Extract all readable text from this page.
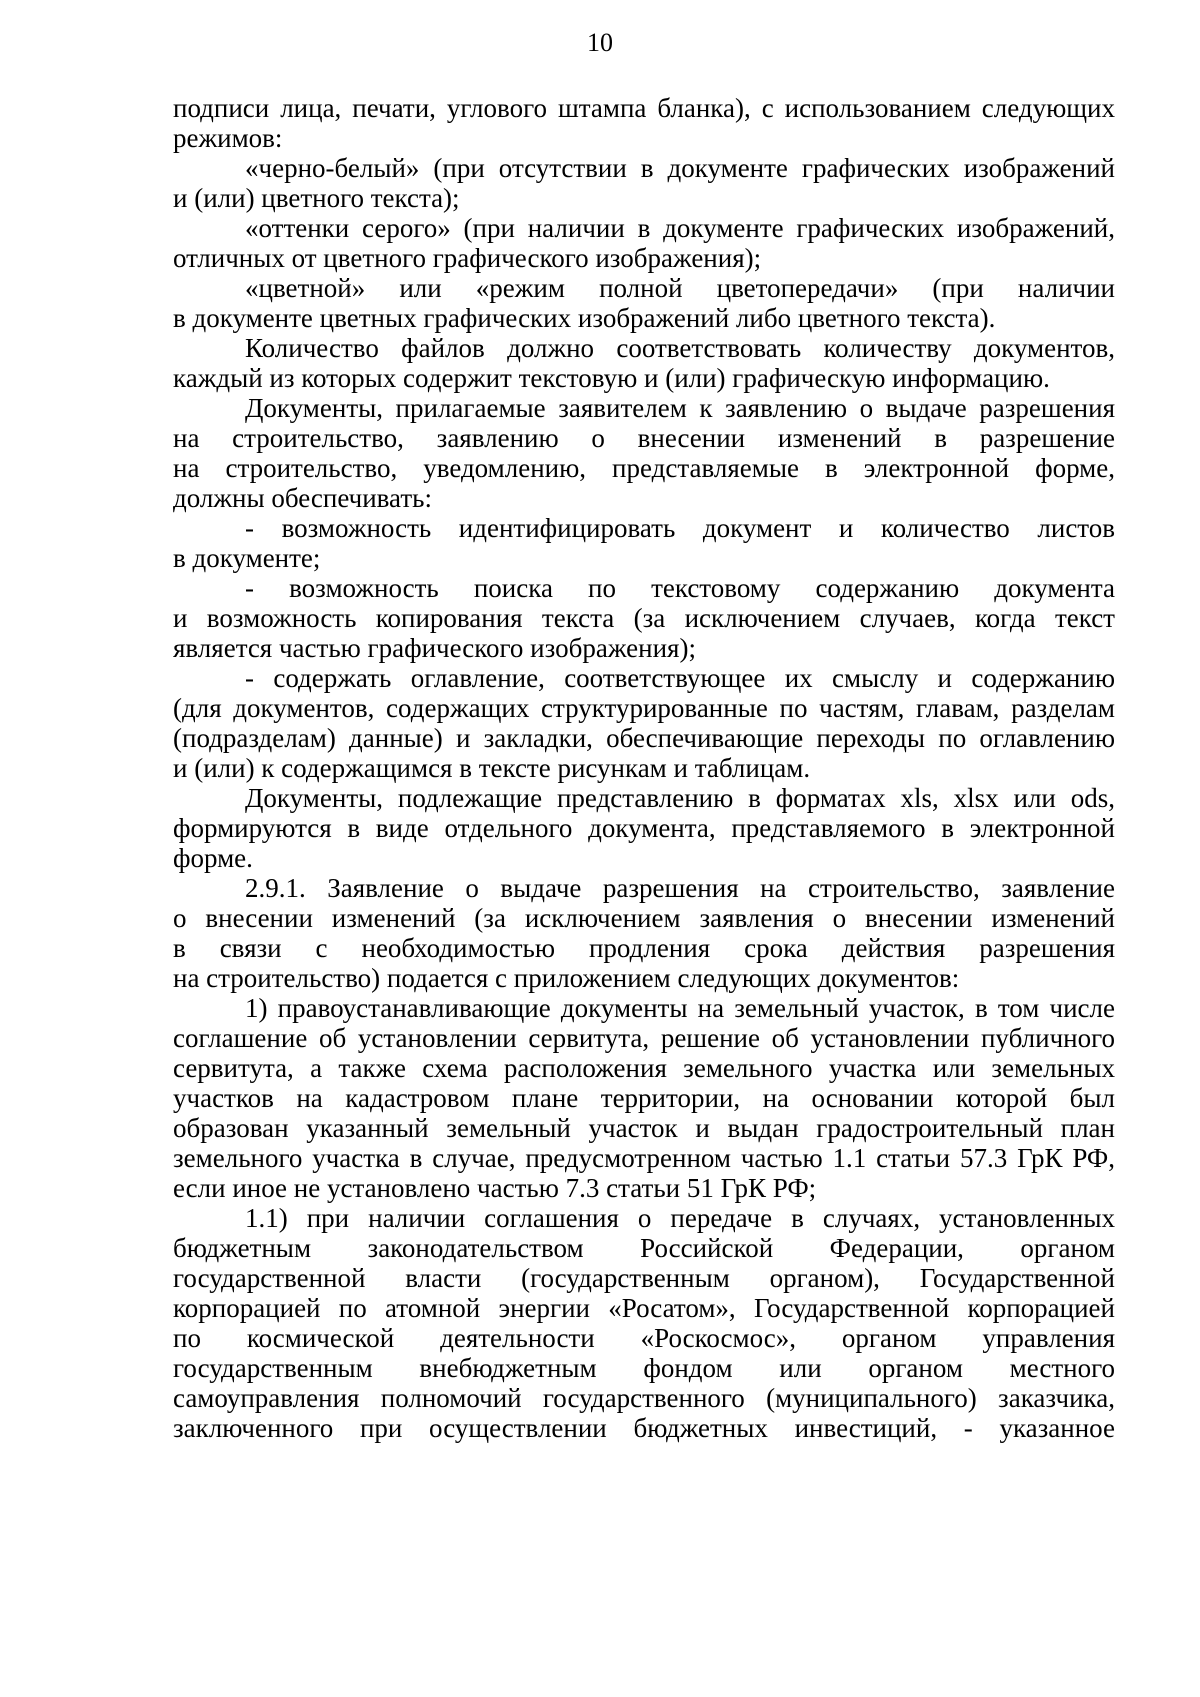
10
подписи лица, печати, углового штампа бланка), с использованием следующих
режимов:
«черно-белый» (при отсутствии в документе графических изображений
и (или) цветного текста);
«оттенки серого» (при наличии в документе графических изображений,
отличных от цветного графического изображения);
«цветной» или «режим полной цветопередачи» (при наличии
в документе цветных графических изображений либо цветного текста).
Количество файлов должно соответствовать количеству документов,
каждый из которых содержит текстовую и (или) графическую информацию.
Документы, прилагаемые заявителем к заявлению о выдаче разрешения
на строительство, заявлению о внесении изменений в разрешение
на строительство, уведомлению, представляемые в электронной форме,
должны обеспечивать:
- возможность идентифицировать документ и количество листов
в документе;
- возможность поиска по текстовому содержанию документа
и возможность копирования текста (за исключением случаев, когда текст
является частью графического изображения);
- содержать оглавление, соответствующее их смыслу и содержанию
(для документов, содержащих структурированные по частям, главам, разделам
(подразделам) данные) и закладки, обеспечивающие переходы по оглавлению
и (или) к содержащимся в тексте рисункам и таблицам.
Документы, подлежащие представлению в форматах xls, xlsx или ods,
формируются в виде отдельного документа, представляемого в электронной
форме.
2.9.1. Заявление о выдаче разрешения на строительство, заявление
о внесении изменений (за исключением заявления о внесении изменений
в связи с необходимостью продления срока действия разрешения
на строительство) подается с приложением следующих документов:
1) правоустанавливающие документы на земельный участок, в том числе
соглашение об установлении сервитута, решение об установлении публичного
сервитута, а также схема расположения земельного участка или земельных
участков на кадастровом плане территории, на основании которой был
образован указанный земельный участок и выдан градостроительный план
земельного участка в случае, предусмотренном частью 1.1 статьи 57.3 ГрК РФ,
если иное не установлено частью 7.3 статьи 51 ГрК РФ;
1.1) при наличии соглашения о передаче в случаях, установленных
бюджетным законодательством Российской Федерации, органом
государственной власти (государственным органом), Государственной
корпорацией по атомной энергии «Росатом», Государственной корпорацией
по космической деятельности «Роскосмос», органом управления
государственным внебюджетным фондом или органом местного
самоуправления полномочий государственного (муниципального) заказчика,
заключенного при осуществлении бюджетных инвестиций, - указанное
